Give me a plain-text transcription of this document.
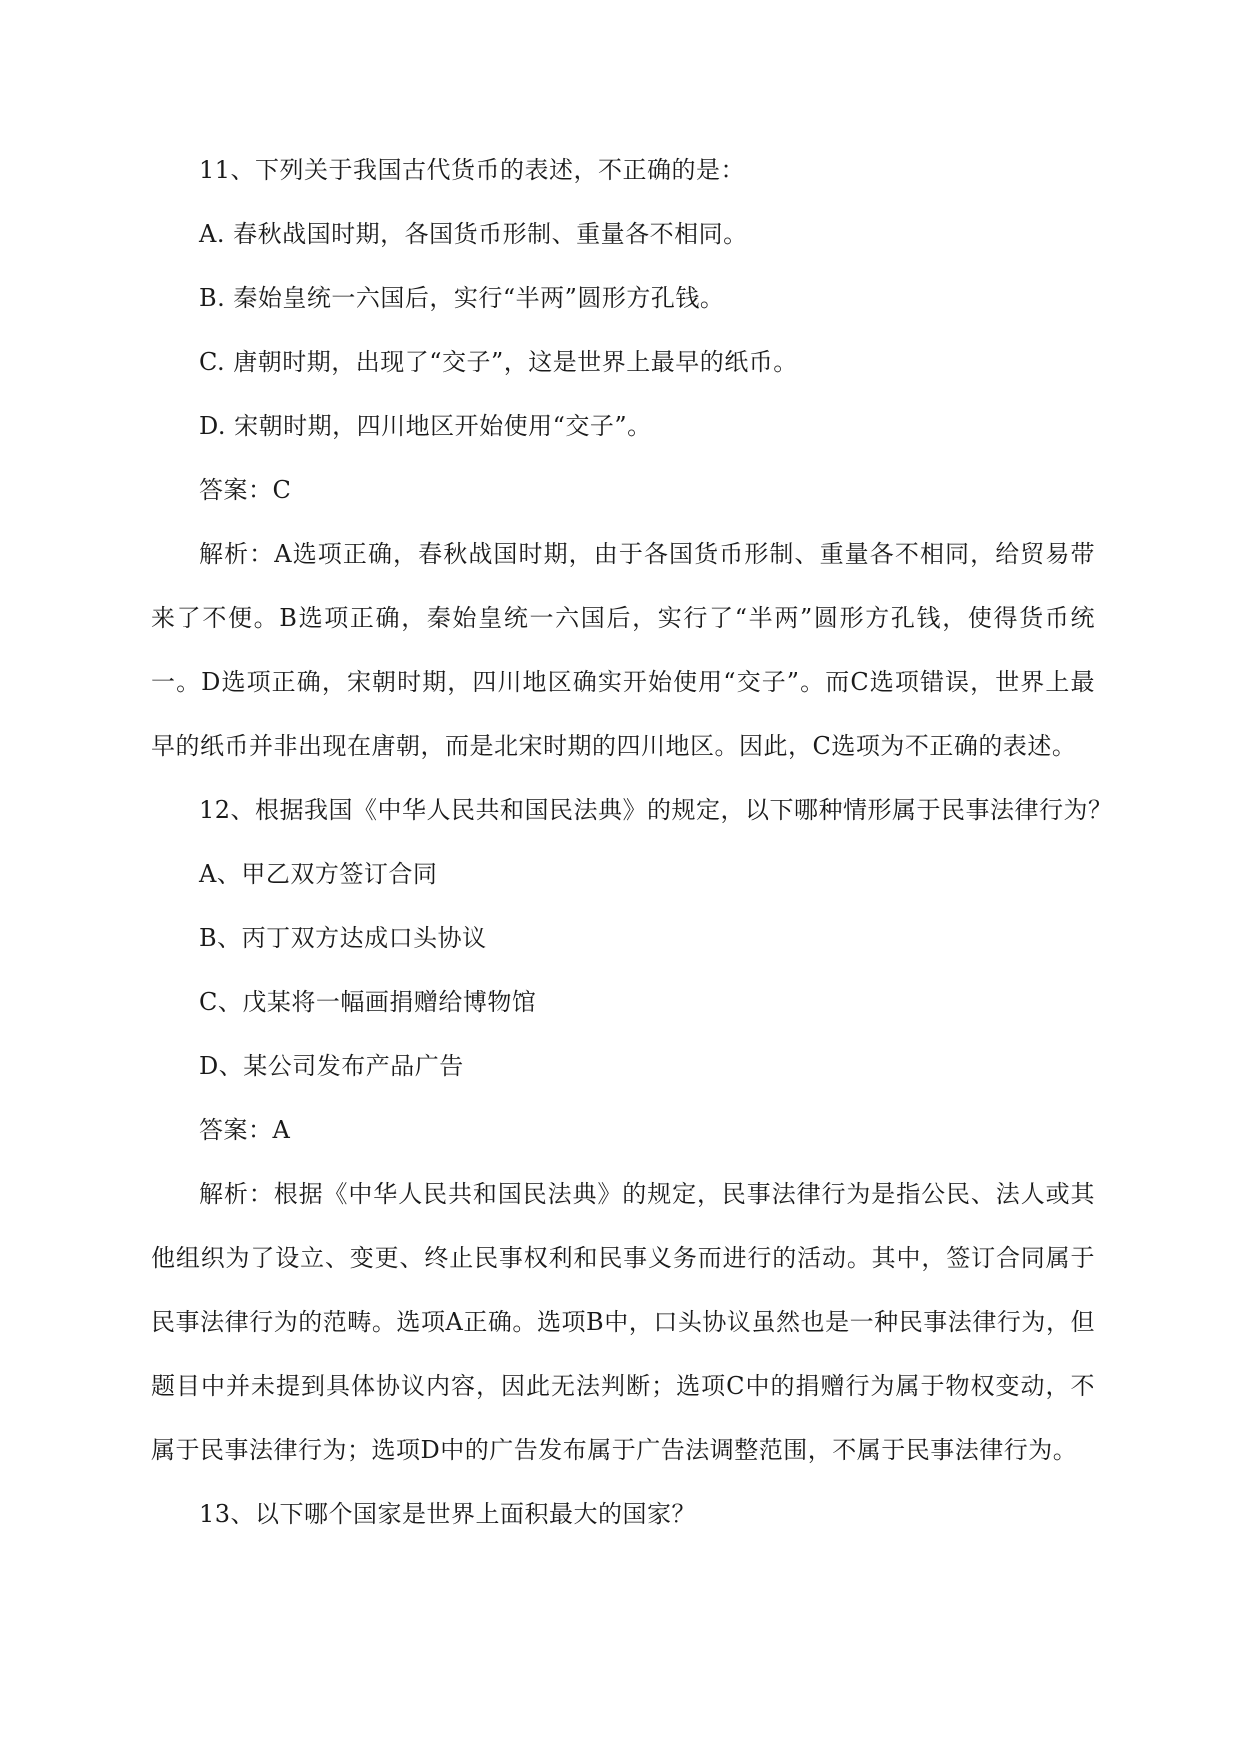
11、下列关于我国古代货币的表述，不正确的是：
A. 春秋战国时期，各国货币形制、重量各不相同。
B. 秦始皇统一六国后，实行“半两”圆形方孔钱。
C. 唐朝时期，出现了“交子”，这是世界上最早的纸币。
D. 宋朝时期，四川地区开始使用“交子”。
答案：C
解析：A选项正确，春秋战国时期，由于各国货币形制、重量各不相同，给贸易带来了不便。B选项正确，秦始皇统一六国后，实行了“半两”圆形方孔钱，使得货币统一。D选项正确，宋朝时期，四川地区确实开始使用“交子”。而C选项错误，世界上最早的纸币并非出现在唐朝，而是北宋时期的四川地区。因此，C选项为不正确的表述。
12、根据我国《中华人民共和国民法典》的规定，以下哪种情形属于民事法律行为？
A、甲乙双方签订合同
B、丙丁双方达成口头协议
C、戊某将一幅画捐赠给博物馆
D、某公司发布产品广告
答案：A
解析：根据《中华人民共和国民法典》的规定，民事法律行为是指公民、法人或其他组织为了设立、变更、终止民事权利和民事义务而进行的活动。其中，签订合同属于民事法律行为的范畴。选项A正确。选项B中，口头协议虽然也是一种民事法律行为，但题目中并未提到具体协议内容，因此无法判断；选项C中的捐赠行为属于物权变动，不属于民事法律行为；选项D中的广告发布属于广告法调整范围，不属于民事法律行为。
13、以下哪个国家是世界上面积最大的国家？
